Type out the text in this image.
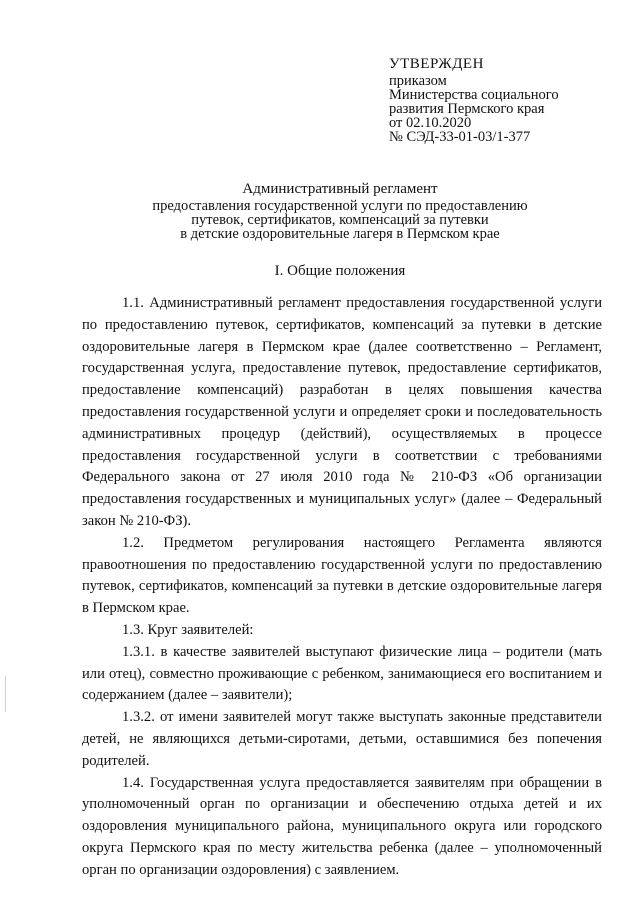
УТВЕРЖДЕН
приказом
Министерства социального
развития Пермского края
от 02.10.2020
№ СЭД-33-01-03/1-377
Административный регламент
предоставления государственной услуги по предоставлению
путевок, сертификатов, компенсаций за путевки
в детские оздоровительные лагеря в Пермском крае
I. Общие положения

1.1. Административный регламент предоставления государственной услуги по предоставлению путевок, сертификатов, компенсаций за путевки в детские оздоровительные лагеря в Пермском крае (далее соответственно – Регламент, государственная услуга, предоставление путевок, предоставление сертификатов, предоставление компенсаций) разработан в целях повышения качества предоставления государственной услуги и определяет сроки и последовательность административных процедур (действий), осуществляемых в процессе предоставления государственной услуги в соответствии с требованиями Федерального закона от 27 июля 2010 года № 210-ФЗ «Об организации предоставления государственных и муниципальных услуг» (далее – Федеральный закон № 210-ФЗ).

1.2. Предметом регулирования настоящего Регламента являются правоотношения по предоставлению государственной услуги по предоставлению путевок, сертификатов, компенсаций за путевки в детские оздоровительные лагеря в Пермском крае.

1.3. Круг заявителей:

1.3.1. в качестве заявителей выступают физические лица – родители (мать или отец), совместно проживающие с ребенком, занимающиеся его воспитанием и содержанием (далее – заявители);

1.3.2. от имени заявителей могут также выступать законные представители детей, не являющихся детьми-сиротами, детьми, оставшимися без попечения родителей.

1.4. Государственная услуга предоставляется заявителям при обращении в уполномоченный орган по организации и обеспечению отдыха детей и их оздоровления муниципального района, муниципального округа или городского округа Пермского края по месту жительства ребенка (далее – уполномоченный орган по организации оздоровления) с заявлением.
